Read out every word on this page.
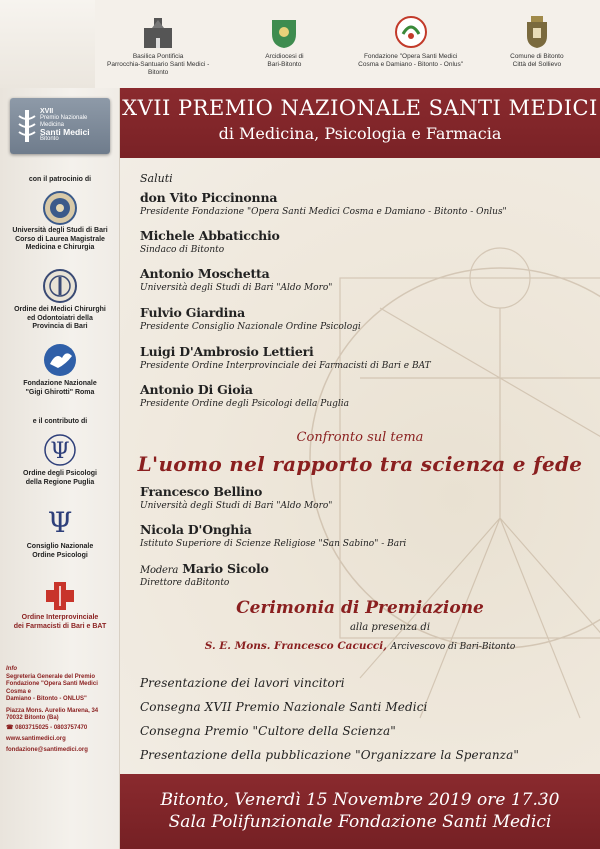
XVII
Premio Nazionale Medicina
Santi Medici
Bitonto
con il patrocinio di
Università degli Studi di Bari
Corso di Laurea Magistrale
Medicina e Chirurgia
Ordine dei Medici Chirurghi
ed Odontoiatri della
Provincia di Bari
Fondazione Nazionale
"Gigi Ghirotti" Roma
e il contributo di
Ψ
Ordine degli Psicologi
della Regione Puglia
Ψ
Consiglio Nazionale
Ordine Psicologi
Ordine Interprovinciale
dei Farmacisti di Bari e BAT
Info
Segreteria Generale del Premio
Fondazione "Opera Santi Medici Cosma e
Damiano - Bitonto - ONLUS"
Piazza Mons. Aurelio Marena, 34
70032 Bitonto (Ba)
☎ 0803715025 - 0803757470
www.santimedici.org
fondazione@santimedici.org
Basilica Pontificia
Parrocchia-Santuario Santi Medici - Bitonto
Arcidiocesi di
Bari-Bitonto
Fondazione "Opera Santi Medici
Cosma e Damiano - Bitonto - Onlus"
Comune di Bitonto
Città del Sollievo
XVII PREMIO NAZIONALE SANTI MEDICI
di Medicina, Psicologia e Farmacia
Saluti
don Vito Piccinonna
Presidente Fondazione "Opera Santi Medici Cosma e Damiano - Bitonto - Onlus"
Michele Abbaticchio
Sindaco di Bitonto
Antonio Moschetta
Università degli Studi di Bari "Aldo Moro"
Fulvio Giardina
Presidente Consiglio Nazionale Ordine Psicologi
Luigi D'Ambrosio Lettieri
Presidente Ordine Interprovinciale dei Farmacisti di Bari e BAT
Antonio Di Gioia
Presidente Ordine degli Psicologi della Puglia
Confronto sul tema
L'uomo nel rapporto tra scienza e fede
Francesco Bellino
Università degli Studi di Bari "Aldo Moro"
Nicola D'Onghia
Istituto Superiore di Scienze Religiose "San Sabino" - Bari
Modera Mario Sicolo
Direttore daBitonto
Cerimonia di Premiazione
alla presenza di
S. E. Mons. Francesco Cacucci, Arcivescovo di Bari-Bitonto
Presentazione dei lavori vincitori
Consegna XVII Premio Nazionale Santi Medici
Consegna Premio "Cultore della Scienza"
Presentazione della pubblicazione "Organizzare la Speranza"
Bitonto, Venerdì 15 Novembre 2019 ore 17.30
Sala Polifunzionale Fondazione Santi Medici
